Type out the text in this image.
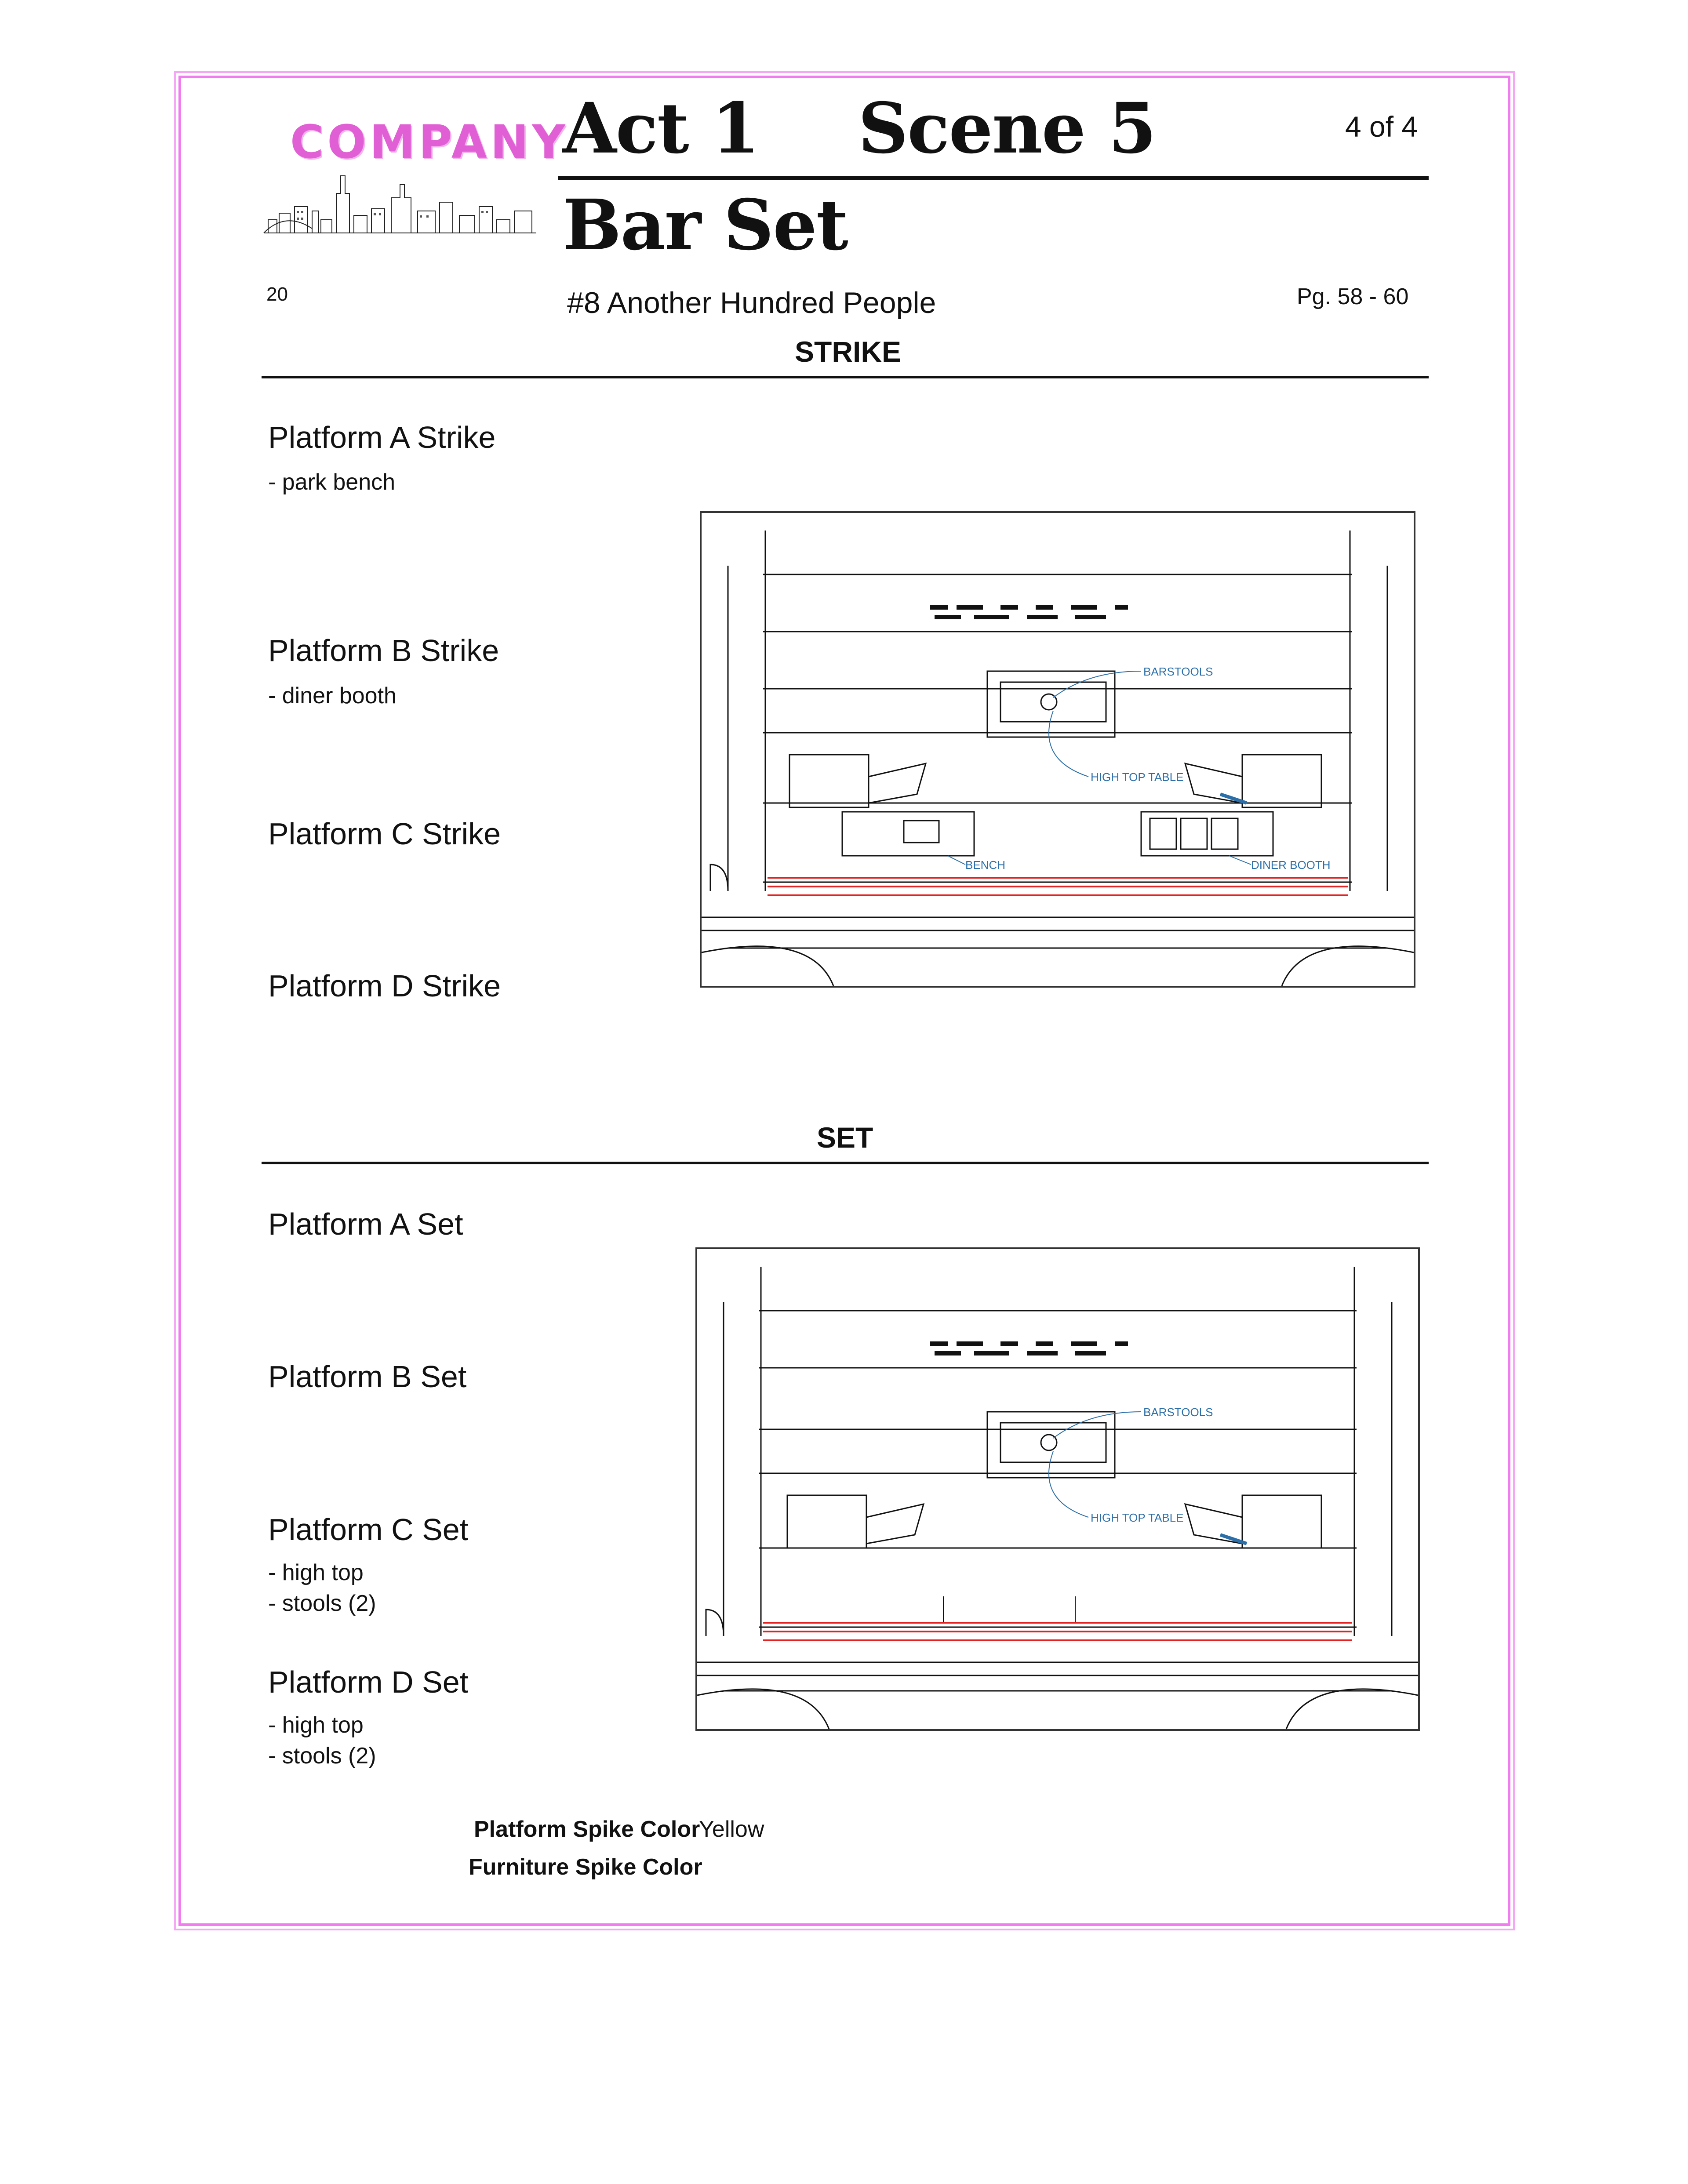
COMPANY
Act 1 Scene 5	4 of 4
Bar Set
20	#8 Another Hundred People	Pg. 58 - 60
STRIKE
Platform A Strike
- park bench
Platform B Strike
- diner booth
Platform C Strike
Platform D Strike
BARSTOOLS
HIGH TOP TABLE
BENCH	DINER BOOTH
SET
Platform A Set
Platform B Set
Platform C Set
- high top
- stools (2)
Platform D Set
- high top
- stools (2)
BARSTOOLS
HIGH TOP TABLE
Platform Spike Color
Yellow
Furniture Spike Color
